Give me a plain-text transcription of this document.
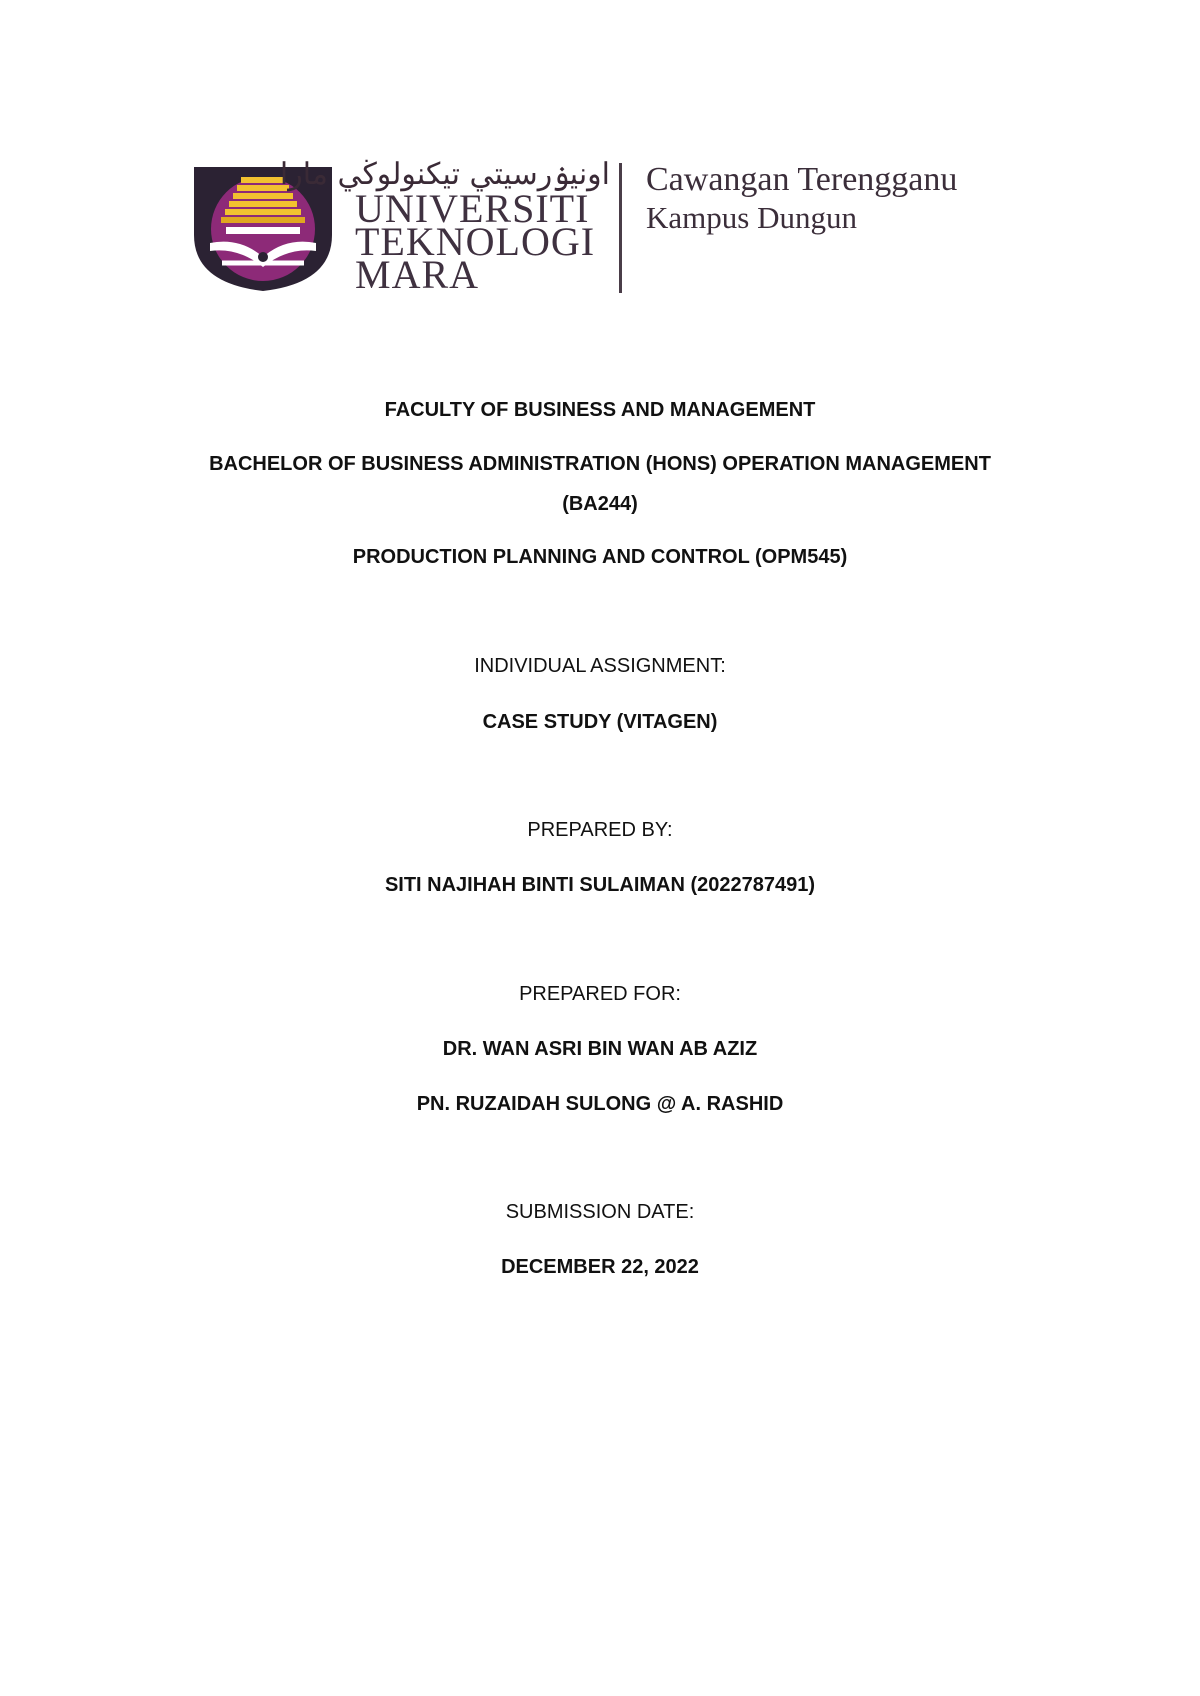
اونيۏرسيتي تيكنولوڬي مارا
UNIVERSITI
TEKNOLOGI
MARA
Cawangan Terengganu
Kampus Dungun
FACULTY OF BUSINESS AND MANAGEMENT
BACHELOR OF BUSINESS ADMINISTRATION (HONS) OPERATION MANAGEMENT
(BA244)
PRODUCTION PLANNING AND CONTROL (OPM545)
INDIVIDUAL ASSIGNMENT:
CASE STUDY (VITAGEN)
PREPARED BY:
SITI NAJIHAH BINTI SULAIMAN (2022787491)
PREPARED FOR:
DR. WAN ASRI BIN WAN AB AZIZ
PN. RUZAIDAH SULONG @ A. RASHID
SUBMISSION DATE:
DECEMBER 22, 2022
